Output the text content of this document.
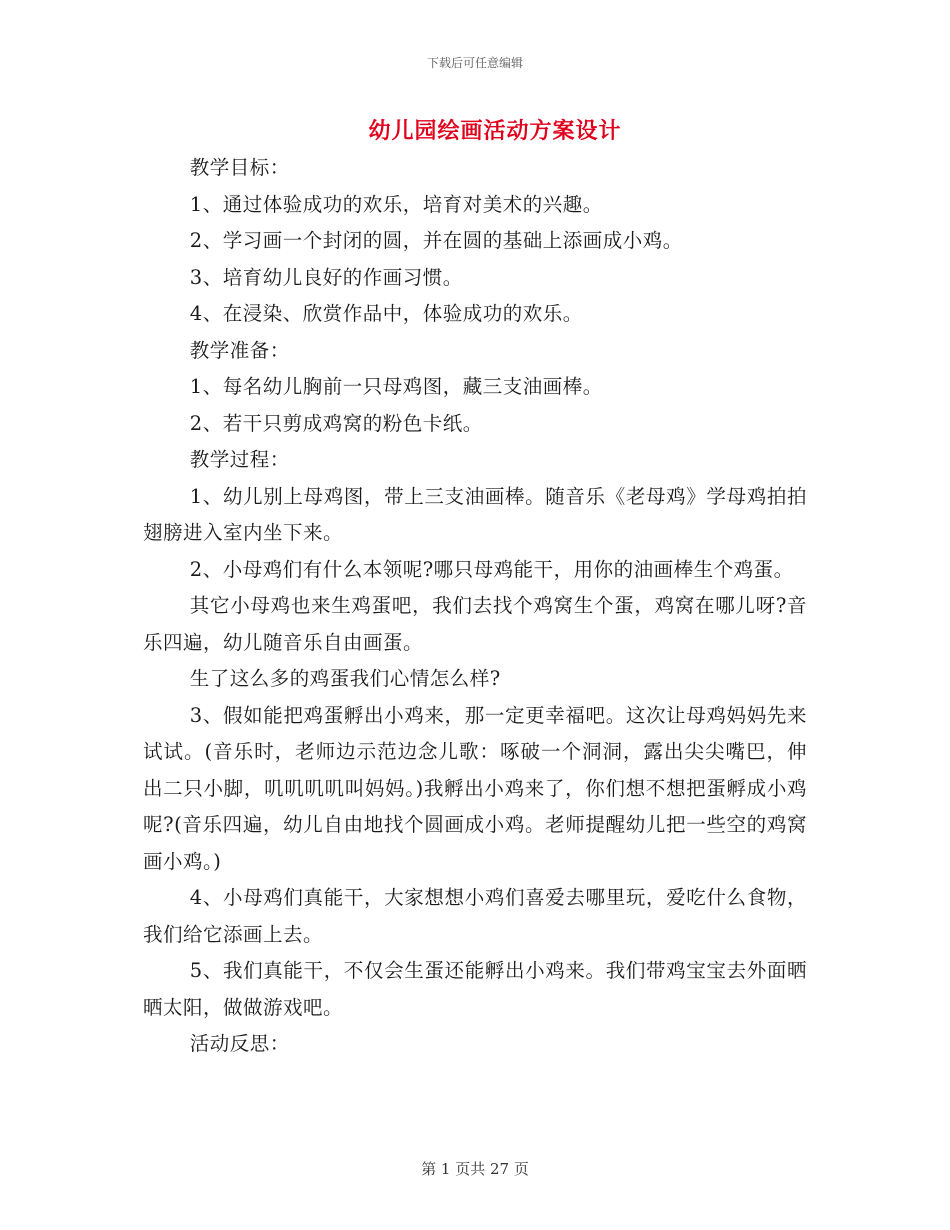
下载后可任意编辑
幼儿园绘画活动方案设计

教学目标：

1、通过体验成功的欢乐，培育对美术的兴趣。

2、学习画一个封闭的圆，并在圆的基础上添画成小鸡。

3、培育幼儿良好的作画习惯。

4、在浸染、欣赏作品中，体验成功的欢乐。

教学准备：

1、每名幼儿胸前一只母鸡图，藏三支油画棒。

2、若干只剪成鸡窝的粉色卡纸。

教学过程：

1、幼儿别上母鸡图，带上三支油画棒。随音乐《老母鸡》学母鸡拍拍翅膀进入室内坐下来。

2、小母鸡们有什么本领呢?哪只母鸡能干，用你的油画棒生个鸡蛋。

其它小母鸡也来生鸡蛋吧，我们去找个鸡窝生个蛋，鸡窝在哪儿呀?音乐四遍，幼儿随音乐自由画蛋。

生了这么多的鸡蛋我们心情怎么样?

3、假如能把鸡蛋孵出小鸡来，那一定更幸福吧。这次让母鸡妈妈先来试试。(音乐时，老师边示范边念儿歌：啄破一个洞洞，露出尖尖嘴巴，伸出二只小脚，叽叽叽叽叫妈妈。)我孵出小鸡来了，你们想不想把蛋孵成小鸡呢?(音乐四遍，幼儿自由地找个圆画成小鸡。老师提醒幼儿把一些空的鸡窝画小鸡。)

4、小母鸡们真能干，大家想想小鸡们喜爱去哪里玩，爱吃什么食物，我们给它添画上去。

5、我们真能干，不仅会生蛋还能孵出小鸡来。我们带鸡宝宝去外面晒晒太阳，做做游戏吧。

活动反思：

第 1 页共 27 页
